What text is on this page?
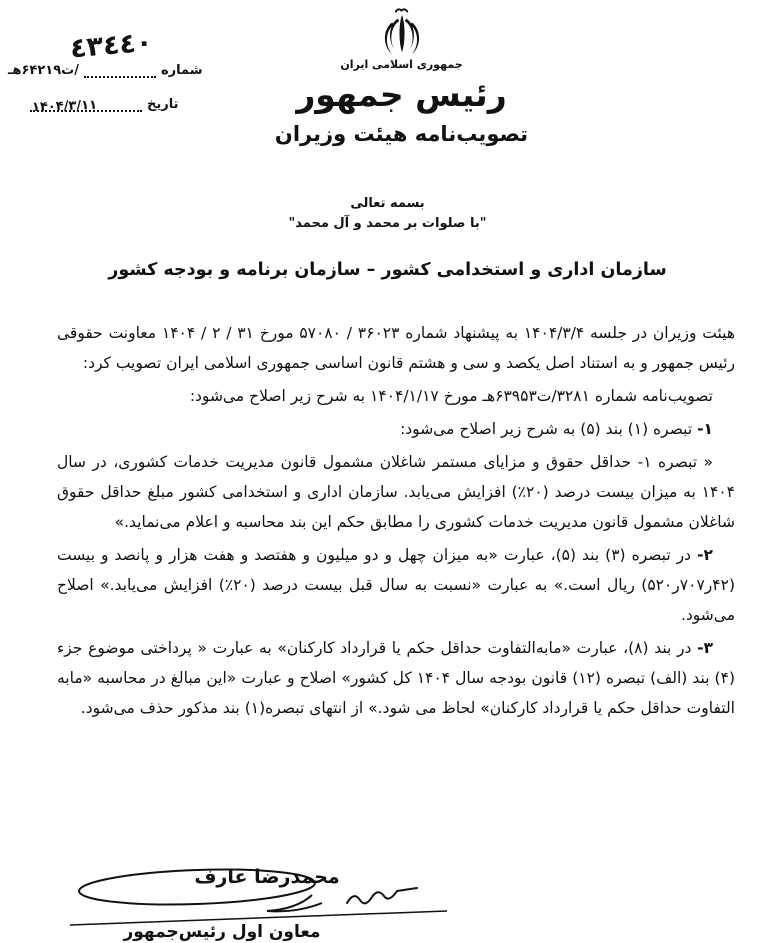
٤٣٤٤٠
شماره
/ت۶۴۲۱۹هـ
تاریخ
۱۴۰۴/۳/۱۱
جمهوری اسلامی ایران
رئیس جمهور
تصویب‌نامه هیئت وزیران
بسمه تعالی
"با صلوات بر محمد و آل محمد"
سازمان اداری و استخدامی کشور – سازمان برنامه و بودجه کشور

هیئت وزیران در جلسه ۱۴۰۴/۳/۴ به پیشنهاد شماره ۳۶۰۲۳ / ۵۷۰۸۰ مورخ ۳۱ / ۲ / ۱۴۰۴ معاونت حقوقی رئیس جمهور و به استناد اصل یکصد و سی و هشتم قانون اساسی جمهوری اسلامی ایران تصویب کرد:

تصویب‌نامه شماره ۳۲۸۱/ت۶۳۹۵۳هـ مورخ ۱۴۰۴/۱/۱۷ به شرح زیر اصلاح می‌شود:

۱- تبصره (۱) بند (۵) به شرح زیر اصلاح می‌شود:

« تبصره ۱- حداقل حقوق و مزایای مستمر شاغلان مشمول قانون مدیریت خدمات کشوری، در سال ۱۴۰۴ به میزان بیست درصد (۲۰٪) افزایش می‌یابد. سازمان اداری و استخدامی کشور مبلغ حداقل حقوق شاغلان مشمول قانون مدیریت خدمات کشوری را مطابق حکم این بند محاسبه و اعلام می‌نماید.»

۲- در تبصره (۳) بند (۵)، عبارت «به میزان چهل و دو میلیون و هفتصد و هفت هزار و پانصد و بیست (۴۲ر۷۰۷ر۵۲۰) ریال است.» به عبارت «نسبت به سال قبل بیست درصد (۲۰٪) افزایش می‌یابد.» اصلاح می‌شود.

۳- در بند (۸)، عبارت «مابه‌التفاوت حداقل حکم یا قرارداد کارکنان» به عبارت « پرداختی موضوع جزء (۴) بند (الف) تبصره (۱۲) قانون بودجه سال ۱۴۰۴ کل کشور» اصلاح و عبارت «این مبالغ در محاسبه «مابه التفاوت حداقل حکم یا قرارداد کارکنان» لحاظ می شود.» از انتهای تبصره(۱) بند مذکور حذف می‌شود.

محمدرضا عارف
معاون اول رئیس‌جمهور
